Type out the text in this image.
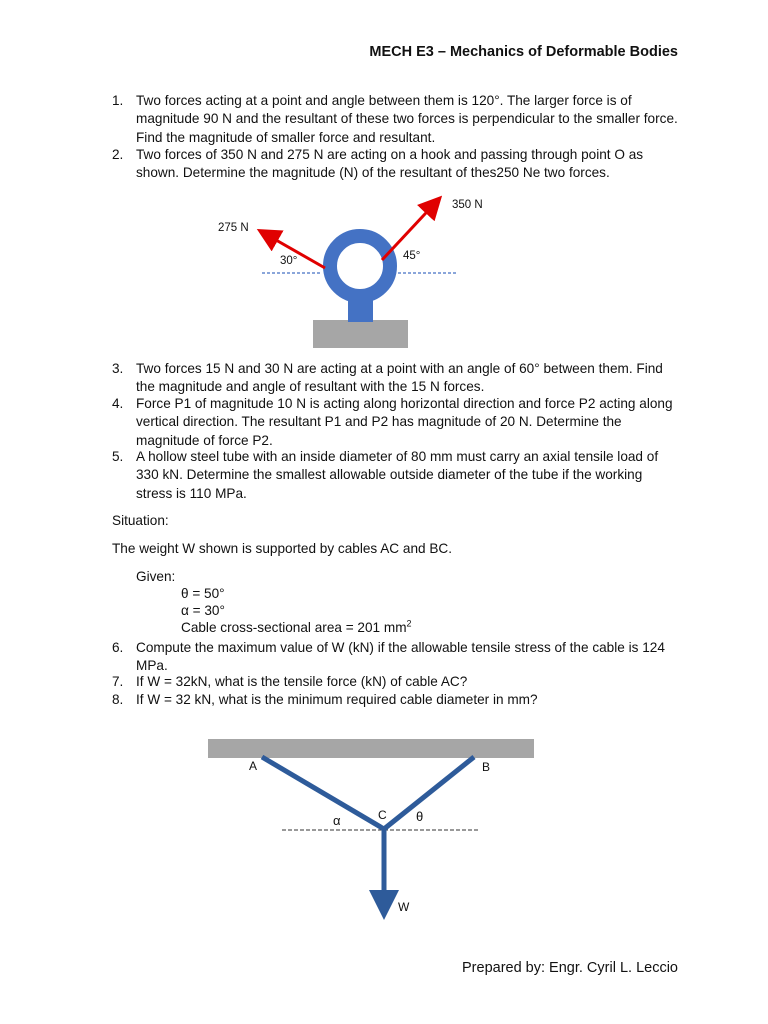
MECH E3 – Mechanics of Deformable Bodies
1. Two forces acting at a point and angle between them is 120°. The larger force is of magnitude 90 N and the resultant of these two forces is perpendicular to the smaller force. Find the magnitude of smaller force and resultant.
2. Two forces of 350 N and 275 N are acting on a hook and passing through point O as shown. Determine the magnitude (N) of the resultant of thes250 Ne two forces.
275 N
350 N
30°	45°
3. Two forces 15 N and 30 N are acting at a point with an angle of 60° between them. Find the magnitude and angle of resultant with the 15 N forces.
4. Force P1 of magnitude 10 N is acting along horizontal direction and force P2 acting along vertical direction. The resultant P1 and P2 has magnitude of 20 N. Determine the magnitude of force P2.
5. A hollow steel tube with an inside diameter of 80 mm must carry an axial tensile load of 330 kN. Determine the smallest allowable outside diameter of the tube if the working stress is 110 MPa.
Situation:
The weight W shown is supported by cables AC and BC.
Given:
θ = 50°
α = 30°
Cable cross-sectional area = 201 $mm^2$
6. Compute the maximum value of W (kN) if the allowable tensile stress of the cable is 124 MPa.
7. If W = 32kN, what is the tensile force (kN) of cable AC?
8. If W = 32 kN, what is the minimum required cable diameter in mm?
A	B
C
α	θ
W
Prepared by: Engr. Cyril L. Leccio
